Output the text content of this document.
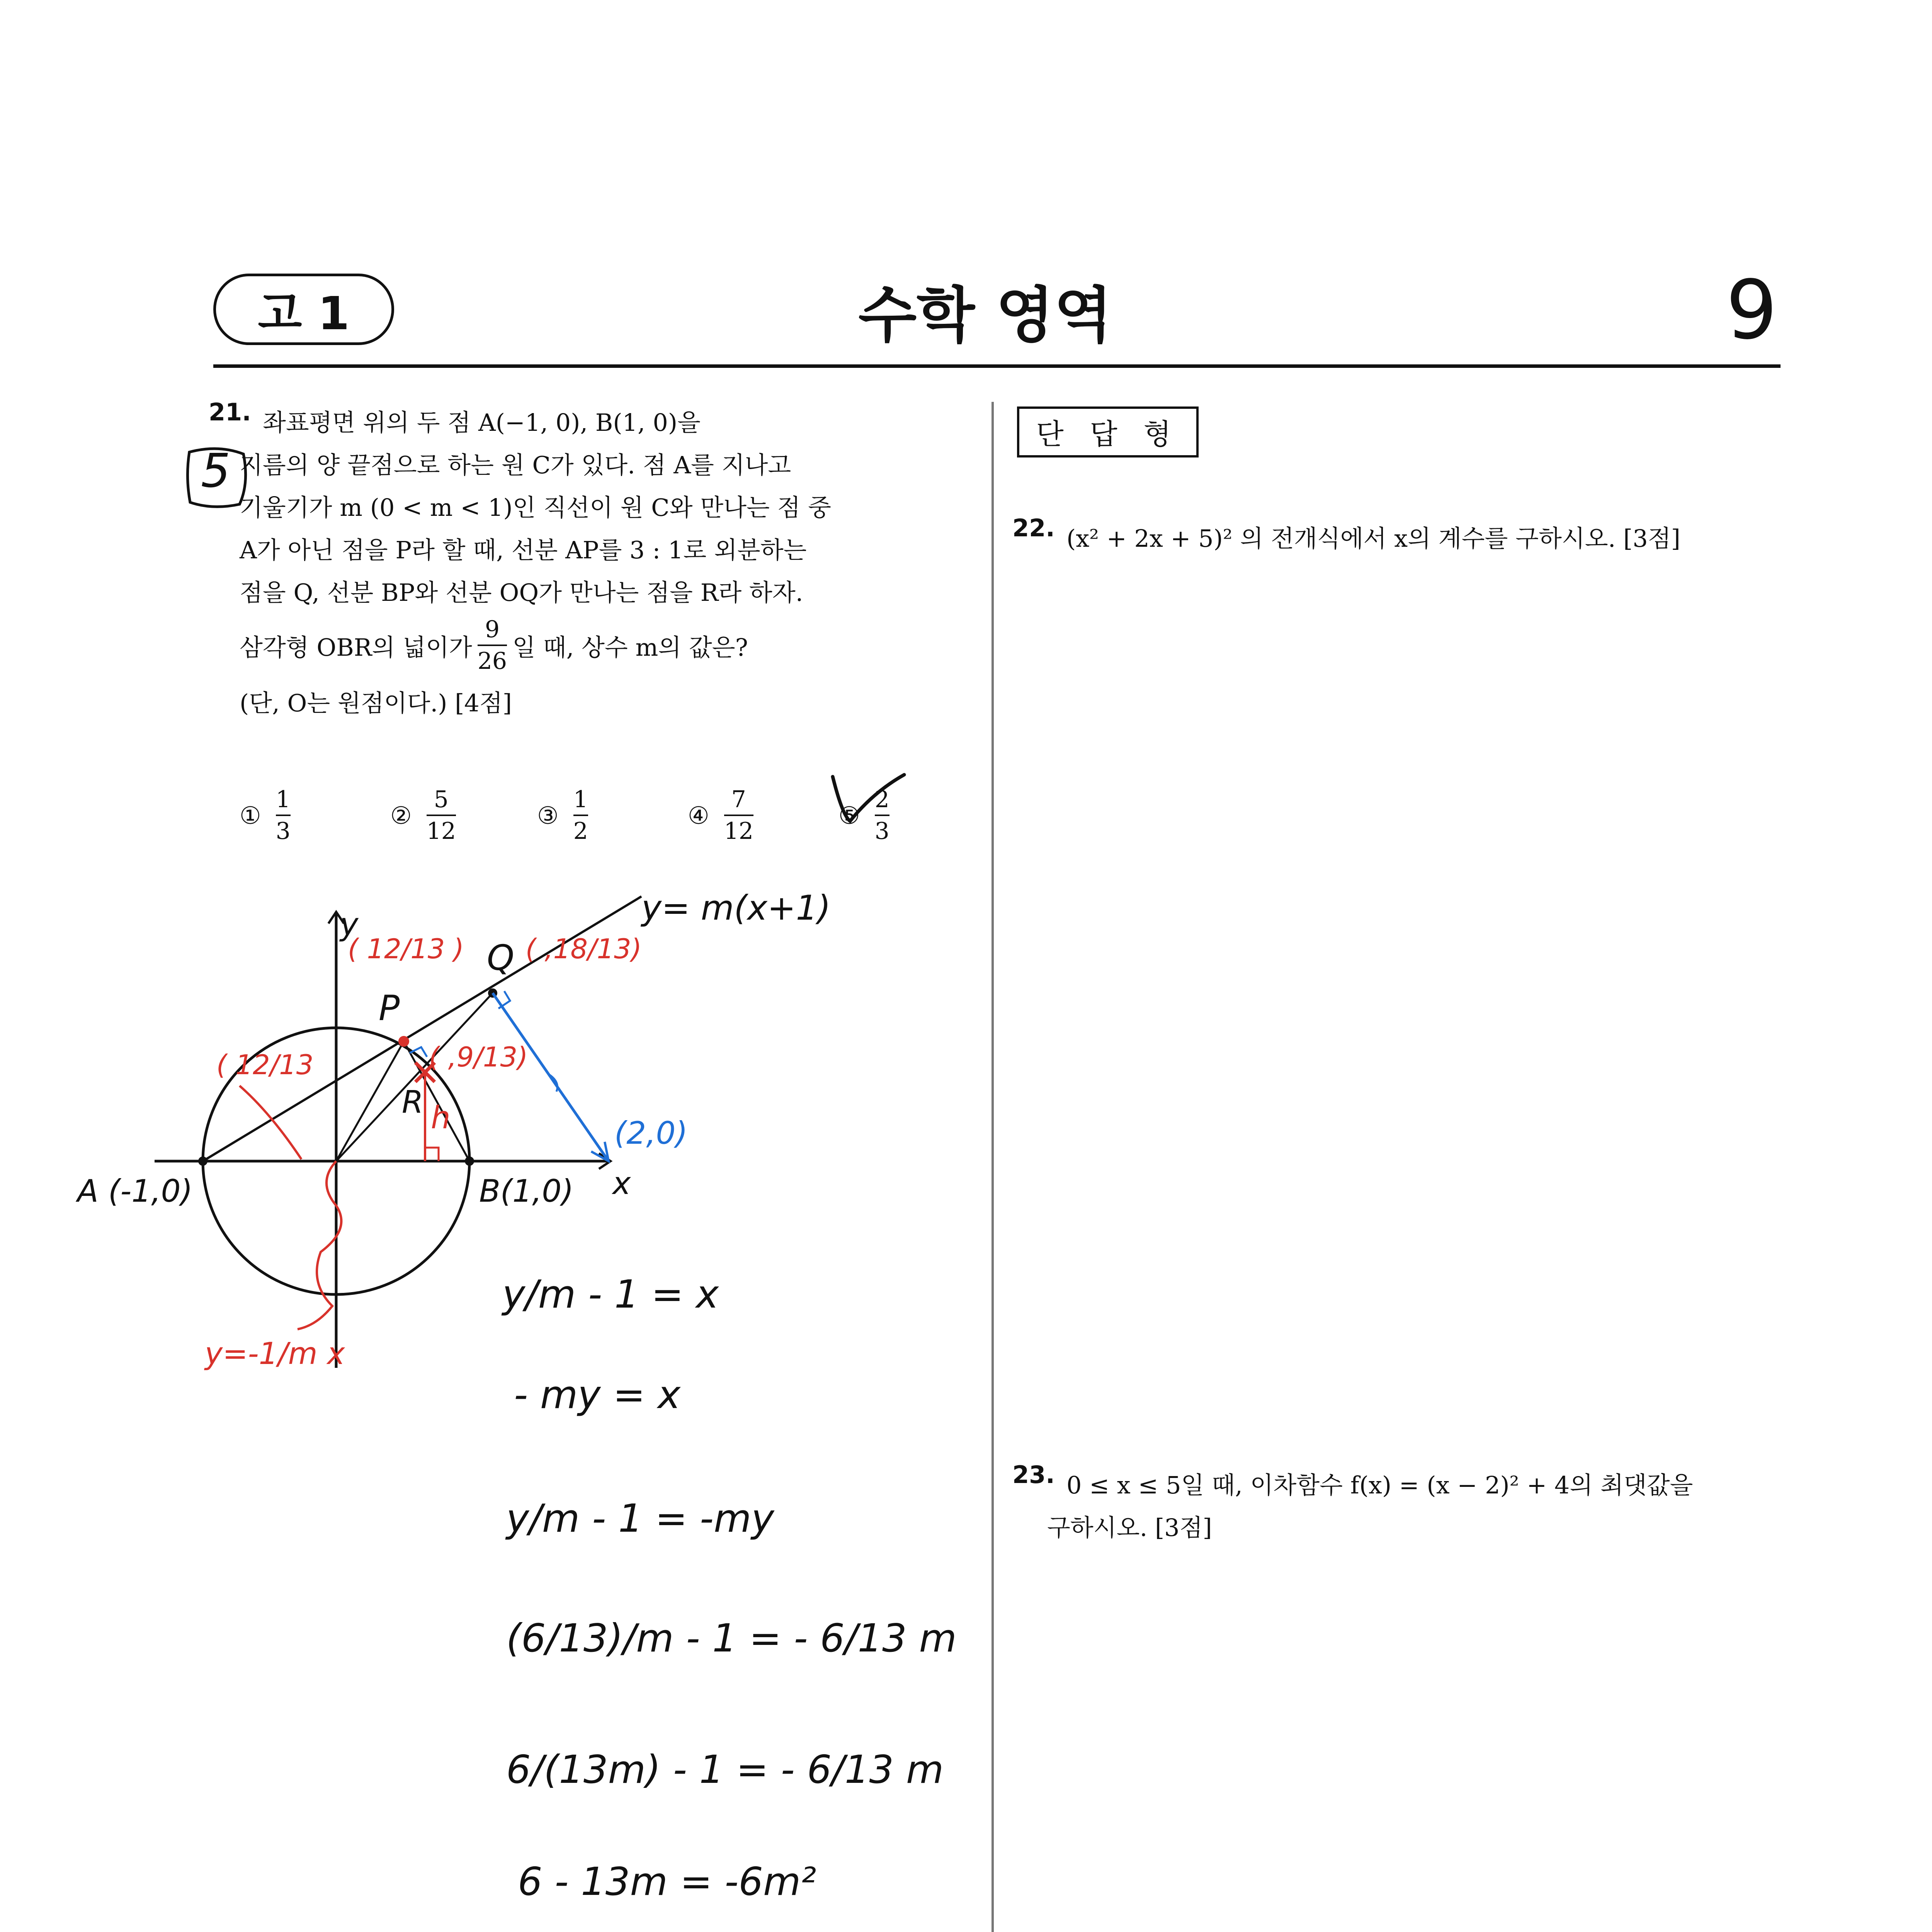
고 1	수학 영역	9
21. 좌표평면 위의 두 점 A(−1, 0), B(1, 0)을
지름의 양 끝점으로 하는 원 C가 있다. 점 A를 지나고
기울기가 m (0 < m < 1)인 직선이 원 C와 만나는 점 중
A가 아닌 점을 P라 할 때, 선분 AP를 3 : 1로 외분하는
점을 Q, 선분 BP와 선분 OQ가 만나는 점을 R라 하자.
삼각형 OBR의 넓이가 $\frac{9}{26}$ 일 때, 상수 m의 값은?
(단, O는 원점이다.) [4점]
5
① $\frac{1}{3}$	② $\frac{5}{12}$	③ $\frac{1}{2}$	④ $\frac{7}{12}$	⑤ $\frac{2}{3}$
y
x
y= m(x+1)
A (-1,0)	B(1,0)
P
Q
R h
( 12/13 ) ( ,18/13)
( ,9/13)
( 12/13
(2,0)
y=-1/m x
y/m - 1 = x
- my = x
y/m - 1 = -my
(6/13)/m - 1 = - 6/13 m
6/(13m) - 1 = - 6/13 m
6 - 13m = -6m²
단 답 형
22. (x² + 2x + 5)² 의 전개식에서 x의 계수를 구하시오. [3점]
23. 0 ≤ x ≤ 5일 때, 이차함수 f(x) = (x − 2)² + 4의 최댓값을
구하시오. [3점]
